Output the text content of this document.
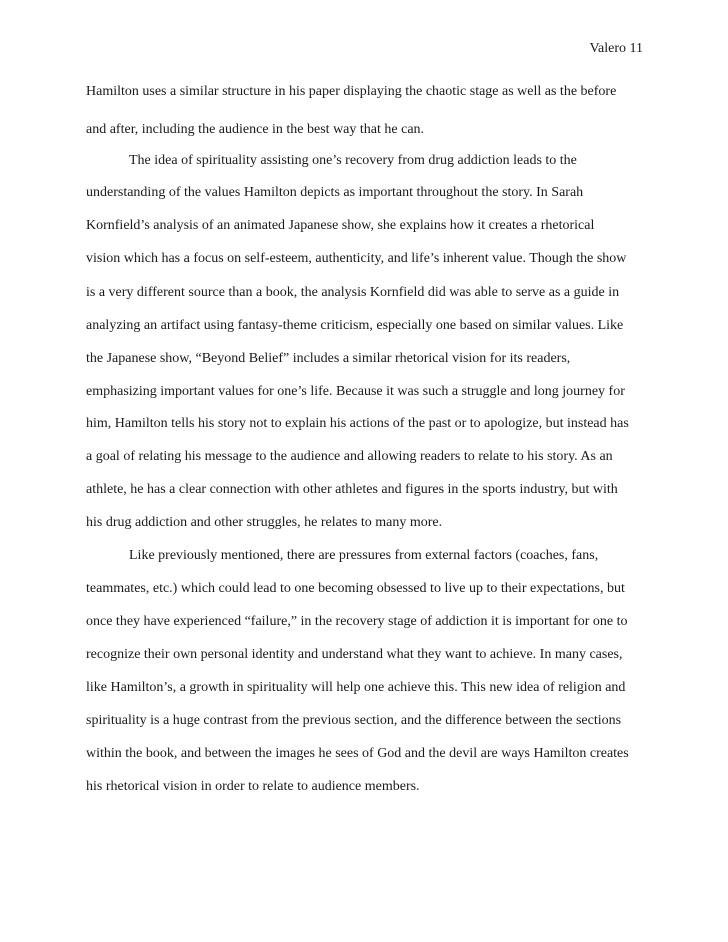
Valero 11
Hamilton uses a similar structure in his paper displaying the chaotic stage as well as the before
and after, including the audience in the best way that he can.
The idea of spirituality assisting one’s recovery from drug addiction leads to the
understanding of the values Hamilton depicts as important throughout the story. In Sarah
Kornfield’s analysis of an animated Japanese show, she explains how it creates a rhetorical
vision which has a focus on self-esteem, authenticity, and life’s inherent value. Though the show
is a very different source than a book, the analysis Kornfield did was able to serve as a guide in
analyzing an artifact using fantasy-theme criticism, especially one based on similar values. Like
the Japanese show, “Beyond Belief” includes a similar rhetorical vision for its readers,
emphasizing important values for one’s life. Because it was such a struggle and long journey for
him, Hamilton tells his story not to explain his actions of the past or to apologize, but instead has
a goal of relating his message to the audience and allowing readers to relate to his story. As an
athlete, he has a clear connection with other athletes and figures in the sports industry, but with
his drug addiction and other struggles, he relates to many more.
Like previously mentioned, there are pressures from external factors (coaches, fans,
teammates, etc.) which could lead to one becoming obsessed to live up to their expectations, but
once they have experienced “failure,” in the recovery stage of addiction it is important for one to
recognize their own personal identity and understand what they want to achieve. In many cases,
like Hamilton’s, a growth in spirituality will help one achieve this. This new idea of religion and
spirituality is a huge contrast from the previous section, and the difference between the sections
within the book, and between the images he sees of God and the devil are ways Hamilton creates
his rhetorical vision in order to relate to audience members.
